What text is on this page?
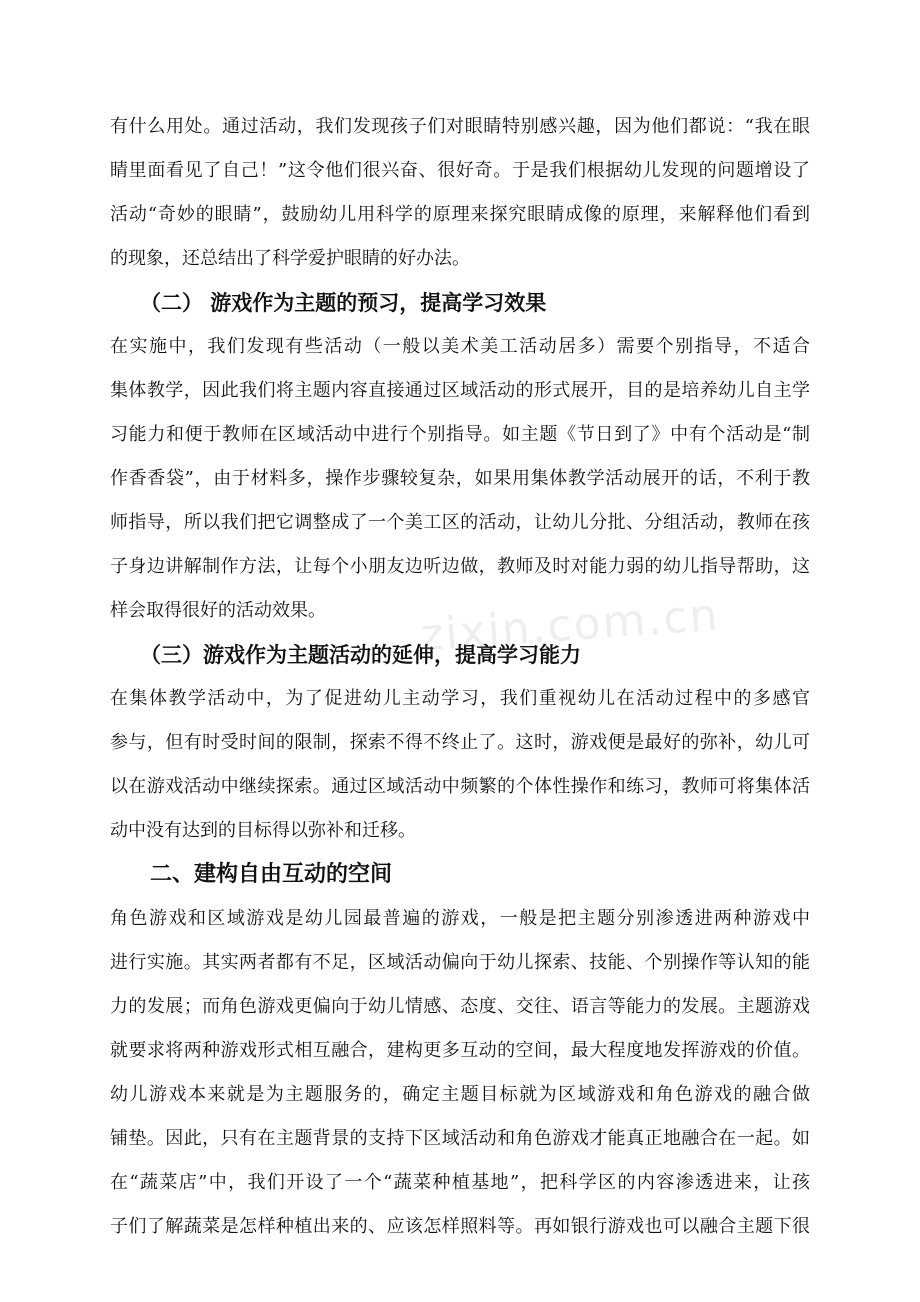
有什么用处。通过活动，我们发现孩子们对眼睛特别感兴趣，因为他们都说：“我在眼
睛里面看见了自己！”这令他们很兴奋、很好奇。于是我们根据幼儿发现的问题增设了
活动“奇妙的眼睛”，鼓励幼儿用科学的原理来探究眼睛成像的原理，来解释他们看到
的现象，还总结出了科学爱护眼睛的好办法。
（二） 游戏作为主题的预习，提高学习效果
在实施中，我们发现有些活动（一般以美术美工活动居多）需要个别指导，不适合
集体教学，因此我们将主题内容直接通过区域活动的形式展开，目的是培养幼儿自主学
习能力和便于教师在区域活动中进行个别指导。如主题《节日到了》中有个活动是“制
作香香袋”，由于材料多，操作步骤较复杂，如果用集体教学活动展开的话，不利于教
师指导，所以我们把它调整成了一个美工区的活动，让幼儿分批、分组活动，教师在孩
子身边讲解制作方法，让每个小朋友边听边做，教师及时对能力弱的幼儿指导帮助，这
样会取得很好的活动效果。
（三）游戏作为主题活动的延伸，提高学习能力
在集体教学活动中，为了促进幼儿主动学习，我们重视幼儿在活动过程中的多感官
参与，但有时受时间的限制，探索不得不终止了。这时，游戏便是最好的弥补，幼儿可
以在游戏活动中继续探索。通过区域活动中频繁的个体性操作和练习，教师可将集体活
动中没有达到的目标得以弥补和迁移。
二、建构自由互动的空间
角色游戏和区域游戏是幼儿园最普遍的游戏，一般是把主题分别渗透进两种游戏中
进行实施。其实两者都有不足，区域活动偏向于幼儿探索、技能、个别操作等认知的能
力的发展；而角色游戏更偏向于幼儿情感、态度、交往、语言等能力的发展。主题游戏
就要求将两种游戏形式相互融合，建构更多互动的空间，最大程度地发挥游戏的价值。
幼儿游戏本来就是为主题服务的，确定主题目标就为区域游戏和角色游戏的融合做
铺垫。因此，只有在主题背景的支持下区域活动和角色游戏才能真正地融合在一起。如
在“蔬菜店”中，我们开设了一个“蔬菜种植基地”，把科学区的内容渗透进来，让孩
子们了解蔬菜是怎样种植出来的、应该怎样照料等。再如银行游戏也可以融合主题下很
zixin.com.cn
